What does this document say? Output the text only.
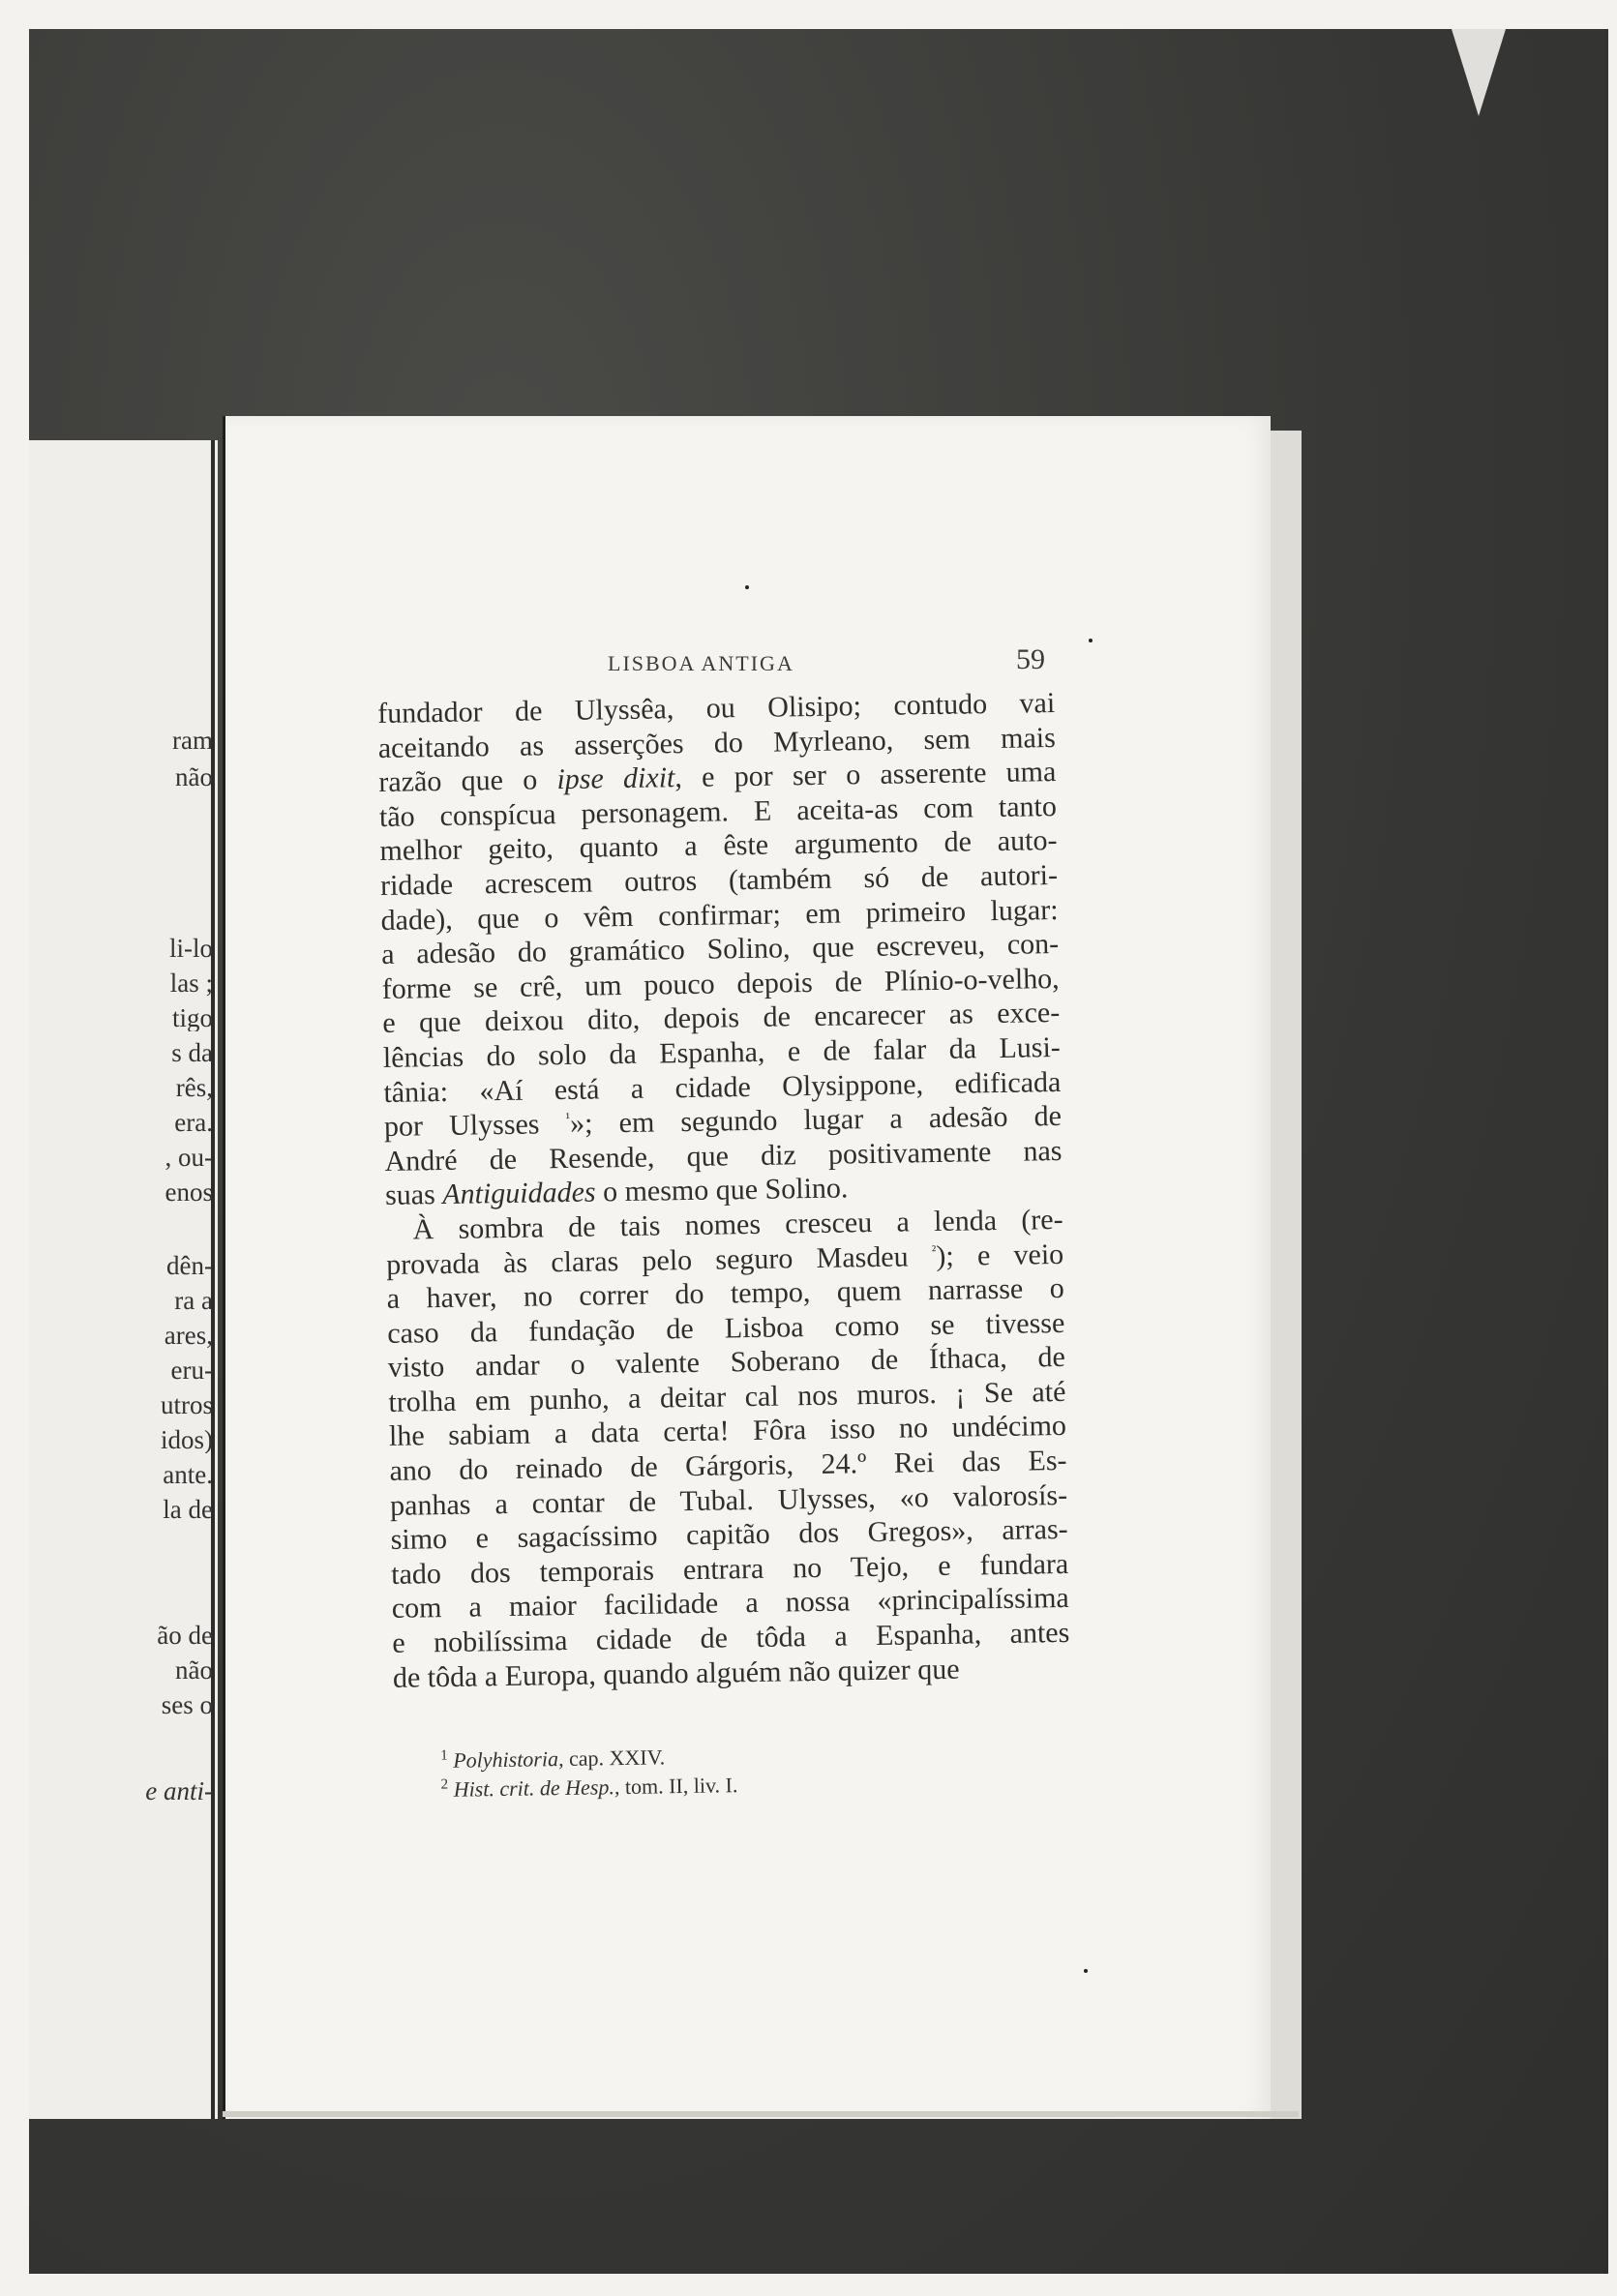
ram
não
li-lo
las ;
tigo
s da
rês,
era.
, ou-
enos
dên-
ra a
ares,
eru-
utros
idos)
ante.
la de
ão de
não
ses o
e anti-
LISBOA ANTIGA	59
fundador de Ulyssêa, ou Olisipo; contudo vai
aceitando as asserções do Myrleano, sem mais
razão que o ipse dixit, e por ser o asserente uma
tão conspícua personagem. E aceita-as com tanto
melhor geito, quanto a êste argumento de auto-
ridade acrescem outros (também só de autori-
dade), que o vêm confirmar; em primeiro lugar:
a adesão do gramático Solino, que escreveu, con-
forme se crê, um pouco depois de Plínio-o-velho,
e que deixou dito, depois de encarecer as exce-
lências do solo da Espanha, e de falar da Lusi-
tânia: «Aí está a cidade Olysippone, edificada
por Ulysses $^{^1}$»; em segundo lugar a adesão de
André de Resende, que diz positivamente nas
suas Antiguidades o mesmo que Solino.
À sombra de tais nomes cresceu a lenda (re-
provada às claras pelo seguro Masdeu $^{^2}$); e veio
a haver, no correr do tempo, quem narrasse o
caso da fundação de Lisboa como se tivesse
visto andar o valente Soberano de Íthaca, de
trolha em punho, a deitar cal nos muros. ¡ Se até
lhe sabiam a data certa! Fôra isso no undécimo
ano do reinado de Gárgoris, 24.º Rei das Es-
panhas a contar de Tubal. Ulysses, «o valorosís-
simo e sagacíssimo capitão dos Gregos», arras-
tado dos temporais entrara no Tejo, e fundara
com a maior facilidade a nossa «principalíssima
e nobilíssima cidade de tôda a Espanha, antes
de tôda a Europa, quando alguém não quizer que
$^1$ Polyhistoria, cap. XXIV.
$^2$ Hist. crit. de Hesp., tom. II, liv. I.
